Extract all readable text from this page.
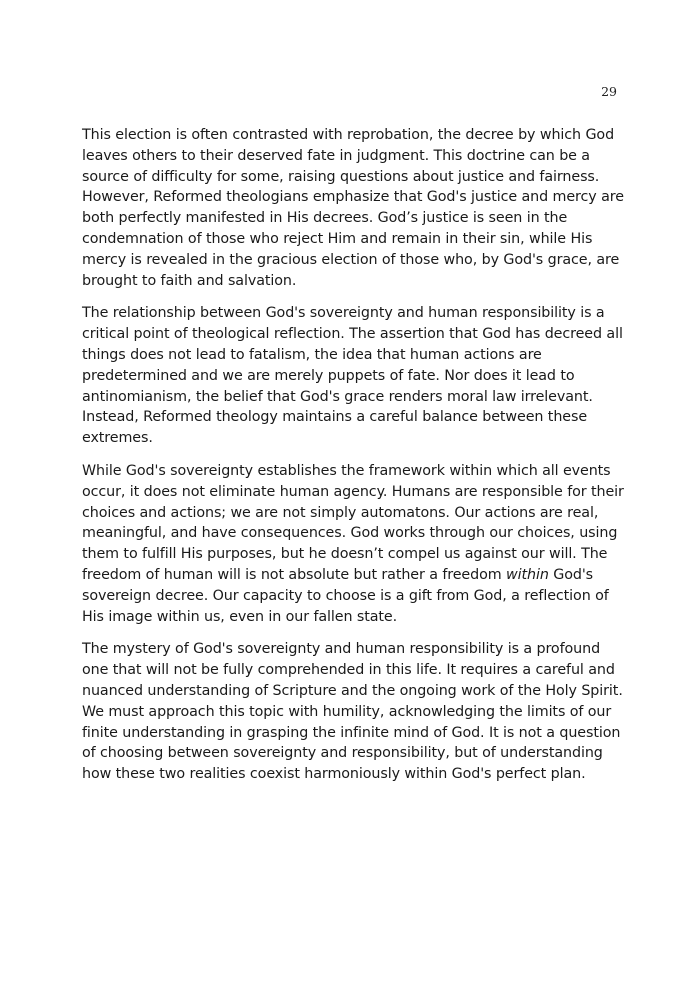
29

This election is often contrasted with reprobation, the decree by which God leaves others to their deserved fate in judgment. This doctrine can be a source of difficulty for some, raising questions about justice and fairness. However, Reformed theologians emphasize that God's justice and mercy are both perfectly manifested in His decrees. God’s justice is seen in the condemnation of those who reject Him and remain in their sin, while His mercy is revealed in the gracious election of those who, by God's grace, are brought to faith and salvation.

The relationship between God's sovereignty and human responsibility is a critical point of theological reflection. The assertion that God has decreed all things does not lead to fatalism, the idea that human actions are predetermined and we are merely puppets of fate. Nor does it lead to antinomianism, the belief that God's grace renders moral law irrelevant. Instead, Reformed theology maintains a careful balance between these extremes.

While God's sovereignty establishes the framework within which all events occur, it does not eliminate human agency. Humans are responsible for their choices and actions; we are not simply automatons. Our actions are real, meaningful, and have consequences. God works through our choices, using them to fulfill His purposes, but he doesn’t compel us against our will. The freedom of human will is not absolute but rather a freedom within God's sovereign decree. Our capacity to choose is a gift from God, a reflection of His image within us, even in our fallen state.

The mystery of God's sovereignty and human responsibility is a profound one that will not be fully comprehended in this life. It requires a careful and nuanced understanding of Scripture and the ongoing work of the Holy Spirit. We must approach this topic with humility, acknowledging the limits of our finite understanding in grasping the infinite mind of God. It is not a question of choosing between sovereignty and responsibility, but of understanding how these two realities coexist harmoniously within God's perfect plan.
